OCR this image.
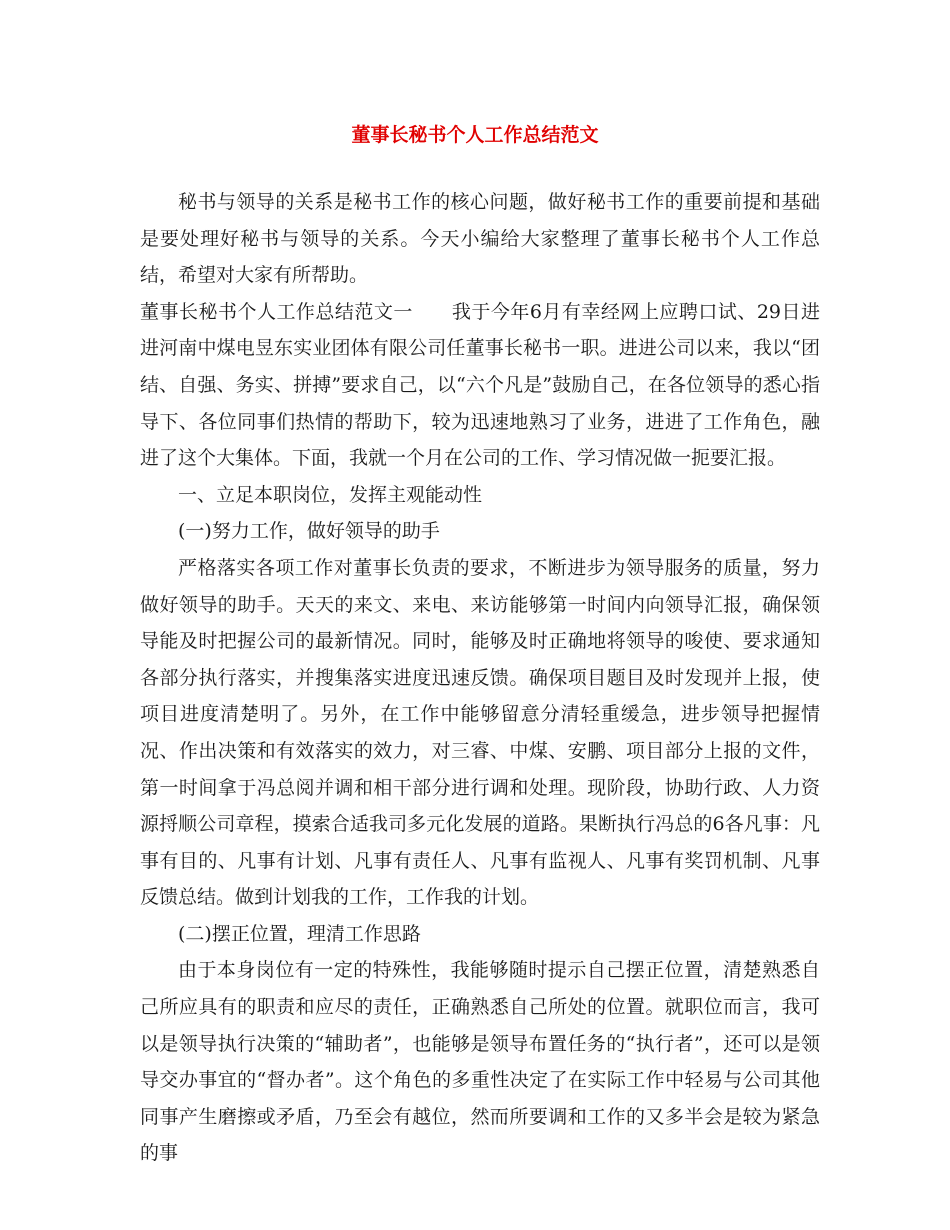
董事长秘书个人工作总结范文

秘书与领导的关系是秘书工作的核心问题，做好秘书工作的重要前提和基础是要处理好秘书与领导的关系。今天小编给大家整理了董事长秘书个人工作总结，希望对大家有所帮助。

董事长秘书个人工作总结范文一　　我于今年6月有幸经网上应聘口试、29日进进河南中煤电昱东实业团体有限公司任董事长秘书一职。进进公司以来，我以“团结、自强、务实、拼搏”要求自己，以“六个凡是”鼓励自己，在各位领导的悉心指导下、各位同事们热情的帮助下，较为迅速地熟习了业务，进进了工作角色，融进了这个大集体。下面，我就一个月在公司的工作、学习情况做一扼要汇报。

一、立足本职岗位，发挥主观能动性

(一)努力工作，做好领导的助手

严格落实各项工作对董事长负责的要求，不断进步为领导服务的质量，努力做好领导的助手。天天的来文、来电、来访能够第一时间内向领导汇报，确保领导能及时把握公司的最新情况。同时，能够及时正确地将领导的唆使、要求通知各部分执行落实，并搜集落实进度迅速反馈。确保项目题目及时发现并上报，使项目进度清楚明了。另外，在工作中能够留意分清轻重缓急，进步领导把握情况、作出决策和有效落实的效力，对三睿、中煤、安鹏、项目部分上报的文件，第一时间拿于冯总阅并调和相干部分进行调和处理。现阶段，协助行政、人力资源捋顺公司章程，摸索合适我司多元化发展的道路。果断执行冯总的6各凡事：凡事有目的、凡事有计划、凡事有责任人、凡事有监视人、凡事有奖罚机制、凡事反馈总结。做到计划我的工作，工作我的计划。

(二)摆正位置，理清工作思路

由于本身岗位有一定的特殊性，我能够随时提示自己摆正位置，清楚熟悉自己所应具有的职责和应尽的责任，正确熟悉自己所处的位置。就职位而言，我可以是领导执行决策的“辅助者”，也能够是领导布置任务的“执行者”，还可以是领导交办事宜的“督办者”。这个角色的多重性决定了在实际工作中轻易与公司其他同事产生磨擦或矛盾，乃至会有越位，然而所要调和工作的又多半会是较为紧急的事
